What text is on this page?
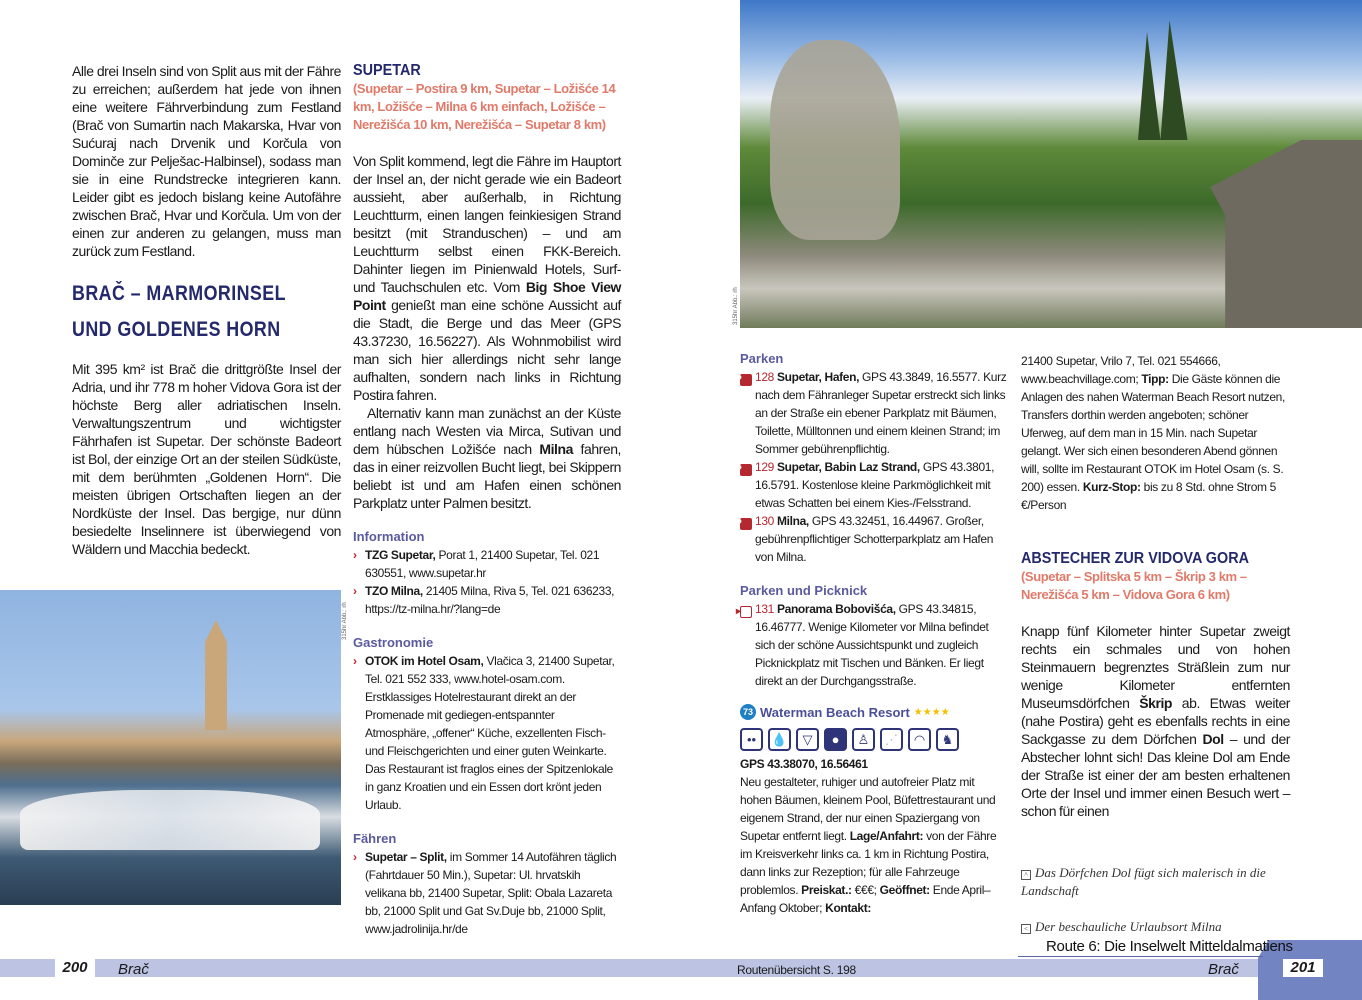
Alle drei Inseln sind von Split aus mit der Fähre zu erreichen; außerdem hat jede von ihnen eine weitere Fährverbindung zum Festland (Brač von Sumartin nach Makarska, Hvar von Sućuraj nach Drvenik und Korčula von Dominče zur Pelješac-Halbinsel), sodass man sie in eine Rundstrecke integrieren kann. Leider gibt es jedoch bislang keine Autofähre zwischen Brač, Hvar und Korčula. Um von der einen zur anderen zu gelangen, muss man zurück zum Festland.

BRAČ – MARMORINSEL
UND GOLDENES HORN

Mit 395 km² ist Brač die drittgrößte Insel der Adria, und ihr 778 m hoher Vidova Gora ist der höchste Berg aller adriatischen Inseln. Verwaltungszentrum und wichtigster Fährhafen ist Supetar. Der schönste Badeort ist Bol, der einzige Ort an der steilen Südküste, mit dem berühmten „Goldenen Horn“. Die meisten übrigen Ortschaften liegen an der Nordküste der Insel. Das bergige, nur dünn besiedelte Inselinnere ist überwiegend von Wäldern und Macchia bedeckt.

315hr Abb.: rh
SUPETAR
(Supetar – Postira 9 km, Supetar – Ložišće 14 km, Ložišće – Milna 6 km einfach, Ložišće – Nerežišća 10 km, Nerežišća – Supetar 8 km)

Von Split kommend, legt die Fähre im Hauptort der Insel an, der nicht gerade wie ein Badeort aussieht, aber außerhalb, in Richtung Leuchtturm, einen langen feinkiesigen Strand besitzt (mit Stranduschen) – und am Leuchtturm selbst einen FKK-Bereich. Dahinter liegen im Pinienwald Hotels, Surf- und Tauchschulen etc. Vom Big Shoe View Point genießt man eine schöne Aussicht auf die Stadt, die Berge und das Meer (GPS 43.37230, 16.56227). Als Wohnmobilist wird man sich hier allerdings nicht sehr lange aufhalten, sondern nach links in Richtung Postira fahren.

Alternativ kann man zunächst an der Küste entlang nach Westen via Mirca, Sutivan und dem hübschen Ložišće nach Milna fahren, das in einer reizvollen Bucht liegt, bei Skippern beliebt ist und am Hafen einen schönen Parkplatz unter Palmen besitzt.

Information
› TZG Supetar, Porat 1, 21400 Supetar, Tel. 021 630551, www.supetar.hr
› TZO Milna, 21405 Milna, Riva 5, Tel. 021 636233, https://tz-milna.hr/?lang=de
Gastronomie
› OTOK im Hotel Osam, Vlačica 3, 21400 Supetar, Tel. 021 552 333, www.hotel-osam.com. Erstklassiges Hotelrestaurant direkt an der Promenade mit gediegen-entspannter Atmosphäre, „offener“ Küche, exzellenten Fisch- und Fleischgerichten und einer guten Weinkarte. Das Restaurant ist fraglos eines der Spitzenlokale in ganz Kroatien und ein Essen dort krönt jeden Urlaub.
Fähren
› Supetar – Split, im Sommer 14 Autofähren täglich (Fahrtdauer 50 Min.), Supetar: Ul. hrvatskih velikana bb, 21400 Supetar, Split: Obala Lazareta bb, 21000 Split und Gat Sv.Duje bb, 21000 Split, www.jadrolinija.hr/de
315hr Abb.: rh
Parken
P 128 Supetar, Hafen, GPS 43.3849, 16.5577. Kurz nach dem Fähranleger Supetar erstreckt sich links an der Straße ein ebener Parkplatz mit Bäumen, Toilette, Mülltonnen und einem kleinen Strand; im Sommer gebührenpflichtig.
P 129 Supetar, Babin Laz Strand, GPS 43.3801, 16.5791. Kostenlose kleine Parkmöglichkeit mit etwas Schatten bei einem Kies-/Felsstrand.
P 130 Milna, GPS 43.32451, 16.44967. Großer, gebührenpflichtiger Schotterparkplatz am Hafen von Milna.
Parken und Picknick
▸ 131 Panorama Bobovišća, GPS 43.34815, 16.46777. Wenige Kilometer vor Milna befindet sich der schöne Aussichtspunkt und zugleich Picknickplatz mit Tischen und Bänken. Er liegt direkt an der Durchgangsstraße.
73 Waterman Beach Resort ★★★★
••	💧	▽	●	♙	⋰	◠	♞
GPS 43.38070, 16.56461
Neu gestalteter, ruhiger und autofreier Platz mit hohen Bäumen, kleinem Pool, Büfettrestaurant und eigenem Strand, der nur einen Spaziergang von Supetar entfernt liegt. Lage/Anfahrt: von der Fähre im Kreisverkehr links ca. 1 km in Richtung Postira, dann links zur Rezeption; für alle Fahrzeuge problemlos. Preiskat.: €€€; Geöffnet: Ende April–Anfang Oktober; Kontakt:
21400 Supetar, Vrilo 7, Tel. 021 554666, www.beachvillage.com; Tipp: Die Gäste können die Anlagen des nahen Waterman Beach Resort nutzen, Transfers dorthin werden angeboten; schöner Uferweg, auf dem man in 15 Min. nach Supetar gelangt. Wer sich einen besonderen Abend gönnen will, sollte im Restaurant OTOK im Hotel Osam (s. S. 200) essen. Kurz-Stop: bis zu 8 Std. ohne Strom 5 €/Person
ABSTECHER ZUR VIDOVA GORA
(Supetar – Splitska 5 km – Škrip 3 km – Nerežišća 5 km – Vidova Gora 6 km)

Knapp fünf Kilometer hinter Supetar zweigt rechts ein schmales und von hohen Steinmauern begrenztes Sträßlein zum nur wenige Kilometer entfernten Museumsdörfchen Škrip ab. Etwas weiter (nahe Postira) geht es ebenfalls rechts in eine Sackgasse zu dem Dörfchen Dol – und der Abstecher lohnt sich! Das kleine Dol am Ende der Straße ist einer der am besten erhaltenen Orte der Insel und immer einen Besuch wert – schon für einen

^ Das Dörfchen Dol fügt sich malerisch in die Landschaft
< Der beschauliche Urlaubsort Milna
200	Brač	Routenübersicht S. 198
Route 6: Die Inselwelt Mitteldalmatiens
Brač	201
